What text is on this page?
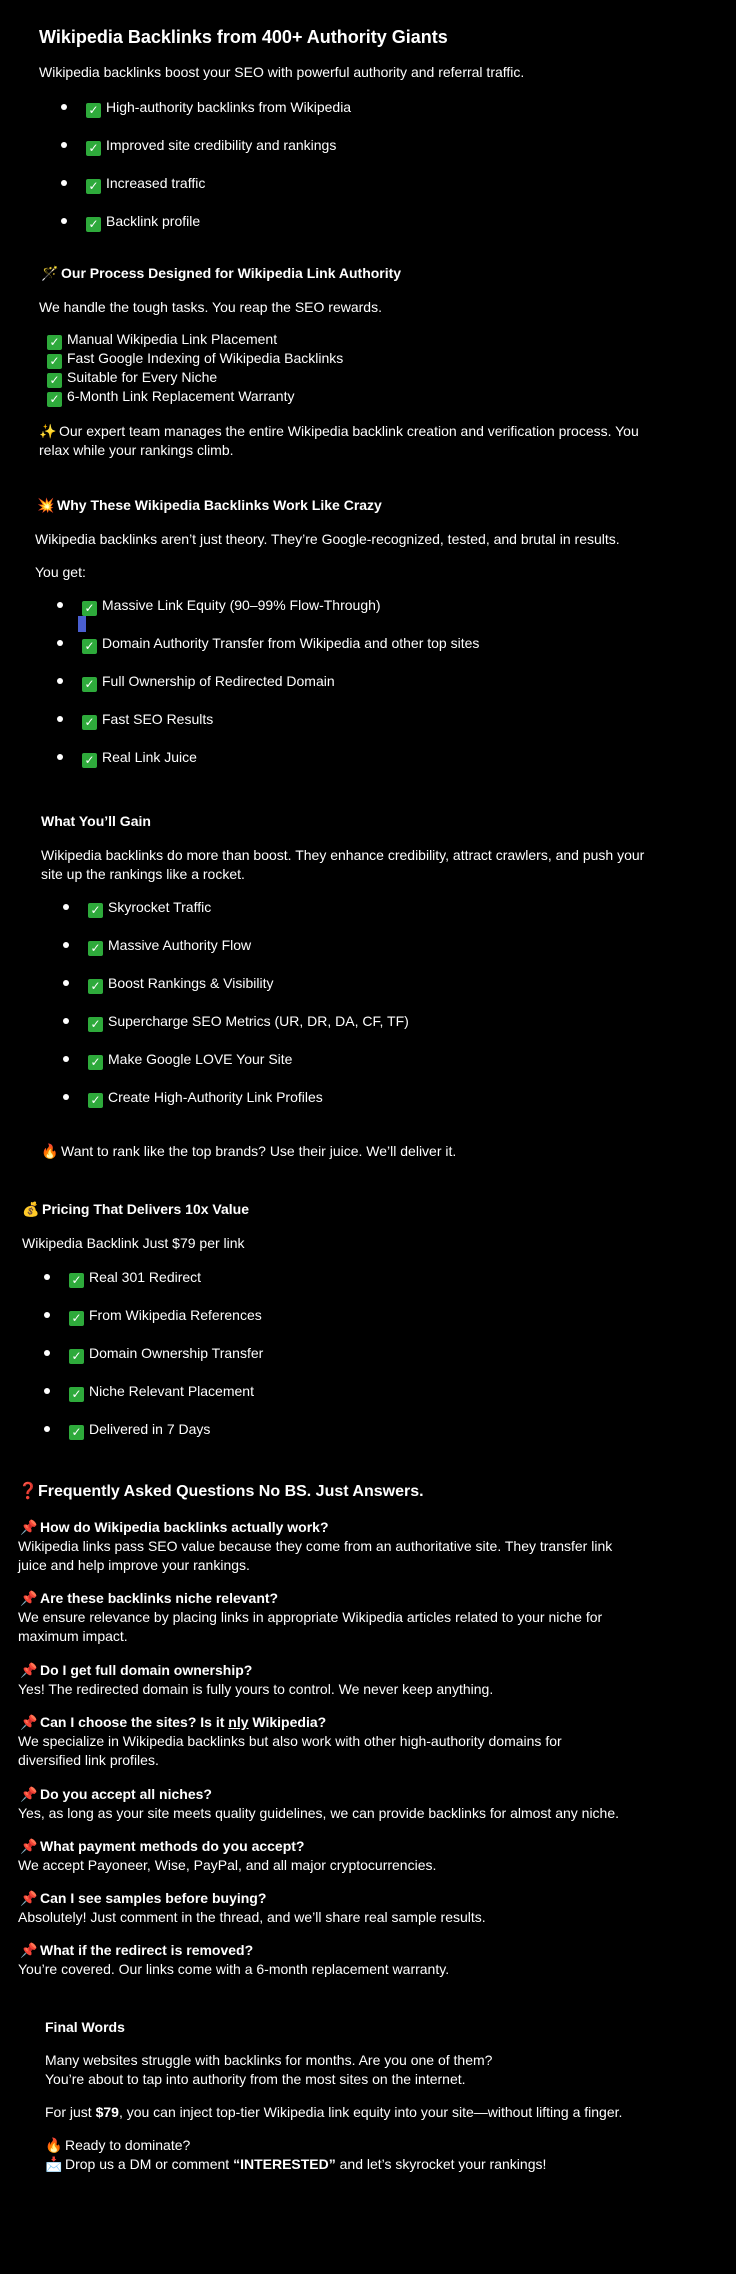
Wikipedia Backlinks from 400+ Authority Giants

Wikipedia backlinks boost your SEO with powerful authority and referral traffic.

✓ High-authority backlinks from Wikipedia
✓ Improved site credibility and rankings
✓ Increased traffic
✓ Backlink profile
🪄 Our Process Designed for Wikipedia Link Authority

We handle the tough tasks. You reap the SEO rewards.

✓ Manual Wikipedia Link Placement
✓ Fast Google Indexing of Wikipedia Backlinks
✓ Suitable for Every Niche
✓ 6-Month Link Replacement Warranty

✨ Our expert team manages the entire Wikipedia backlink creation and verification process. You

relax while your rankings climb.

💥 Why These Wikipedia Backlinks Work Like Crazy

Wikipedia backlinks aren’t just theory. They’re Google-recognized, tested, and brutal in results.

You get:

✓ Massive Link Equity (90–99% Flow-Through)
✓ Domain Authority Transfer from Wikipedia and other top sites
✓ Full Ownership of Redirected Domain
✓ Fast SEO Results
✓ Real Link Juice
What You’ll Gain

Wikipedia backlinks do more than boost. They enhance credibility, attract crawlers, and push your

site up the rankings like a rocket.

✓ Skyrocket Traffic
✓ Massive Authority Flow
✓ Boost Rankings & Visibility
✓ Supercharge SEO Metrics (UR, DR, DA, CF, TF)
✓ Make Google LOVE Your Site
✓ Create High-Authority Link Profiles

🔥 Want to rank like the top brands? Use their juice. We’ll deliver it.

💰 Pricing That Delivers 10x Value

Wikipedia Backlink Just $79 per link

✓ Real 301 Redirect
✓ From Wikipedia References
✓ Domain Ownership Transfer
✓ Niche Relevant Placement
✓ Delivered in 7 Days
❓Frequently Asked Questions No BS. Just Answers.
📌 How do Wikipedia backlinks actually work?

Wikipedia links pass SEO value because they come from an authoritative site. They transfer link

juice and help improve your rankings.

📌 Are these backlinks niche relevant?

We ensure relevance by placing links in appropriate Wikipedia articles related to your niche for

maximum impact.

📌 Do I get full domain ownership?

Yes! The redirected domain is fully yours to control. We never keep anything.

📌 Can I choose the sites? Is it nly Wikipedia?

We specialize in Wikipedia backlinks but also work with other high-authority domains for

diversified link profiles.

📌 Do you accept all niches?

Yes, as long as your site meets quality guidelines, we can provide backlinks for almost any niche.

📌 What payment methods do you accept?

We accept Payoneer, Wise, PayPal, and all major cryptocurrencies.

📌 Can I see samples before buying?

Absolutely! Just comment in the thread, and we’ll share real sample results.

📌 What if the redirect is removed?

You’re covered. Our links come with a 6-month replacement warranty.

Final Words

Many websites struggle with backlinks for months. Are you one of them?

You’re about to tap into authority from the most sites on the internet.

For just $79, you can inject top-tier Wikipedia link equity into your site—without lifting a finger.

🔥 Ready to dominate?

📩 Drop us a DM or comment “INTERESTED” and let’s skyrocket your rankings!
